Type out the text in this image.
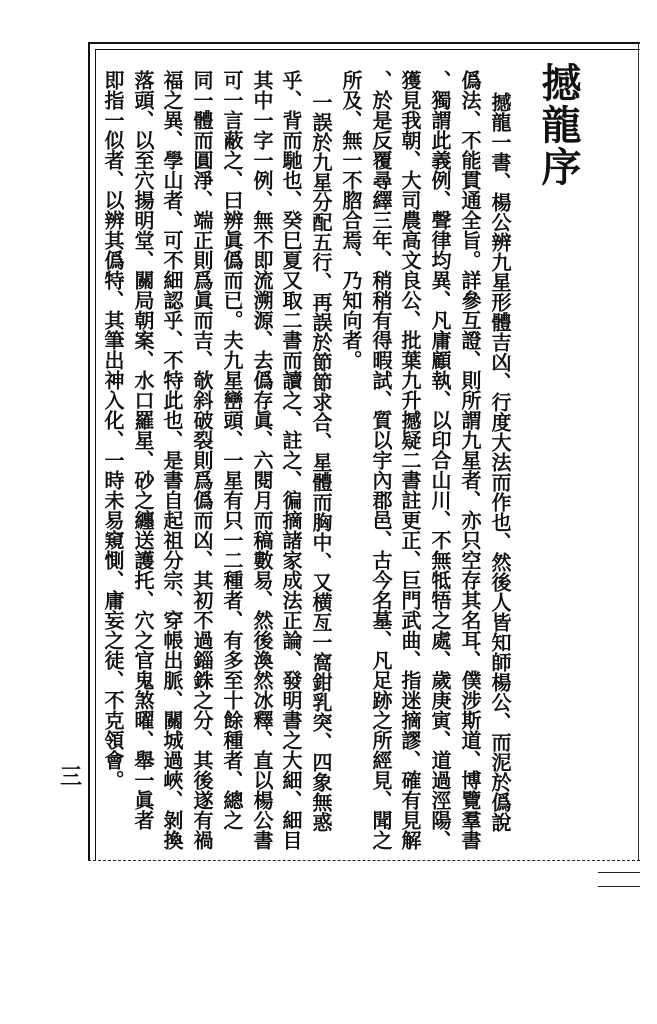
撼龍序
撼龍一書、楊公辨九星形體吉凶、行度大法而作也、然後人皆知師楊公、而泥於僞說
僞法、不能貫通全旨。詳參互證、則所謂九星者、亦只空存其名耳、僕涉斯道、博覽羣書
、獨謂此義例、聲律均異、凡庸顧執、以印合山川、不無牴牾之處、歲庚寅、道過涇陽、
獲見我朝、大司農高文良公、批葉九升撼疑二書註更正、巨門武曲、指迷摘謬、確有見解
、於是反覆尋繹三年、稍稍有得暇試、質以宇內郡邑、古今名墓、凡足跡之所經見、聞之
所及、無一不脗合焉、乃知向者。
一誤於九星分配五行、再誤於節節求合、星體而胸中、又横亙一窩鉗乳突、四象無惑
乎、背而馳也、癸巳夏又取二書而讀之、註之、徧摘諸家成法正論、發明書之大細、細目
其中一字一例、無不即流溯源、去僞存眞、六閱月而稿數易、然後渙然冰釋、直以楊公書
可一言蔽之、曰辨眞僞而已。夫九星巒頭、一星有只一二種者、有多至十餘種者、總之
同一體而圓淨、端正則爲眞而吉、欹斜破裂則爲僞而凶、其初不過錙銖之分、其後遂有禍
福之異、學山者、可不細認乎、不特此也、是書自起祖分宗、穿帳出脈、關城過峽、剝換
落頭、以至穴揚明堂、關局朝案、水口羅星、砂之纏送護托、穴之官鬼煞曜、舉一眞者
即指一似者、以辨其僞特、其筆出神入化、一時未易窺惻、庸妄之徒、不克領會。
三
